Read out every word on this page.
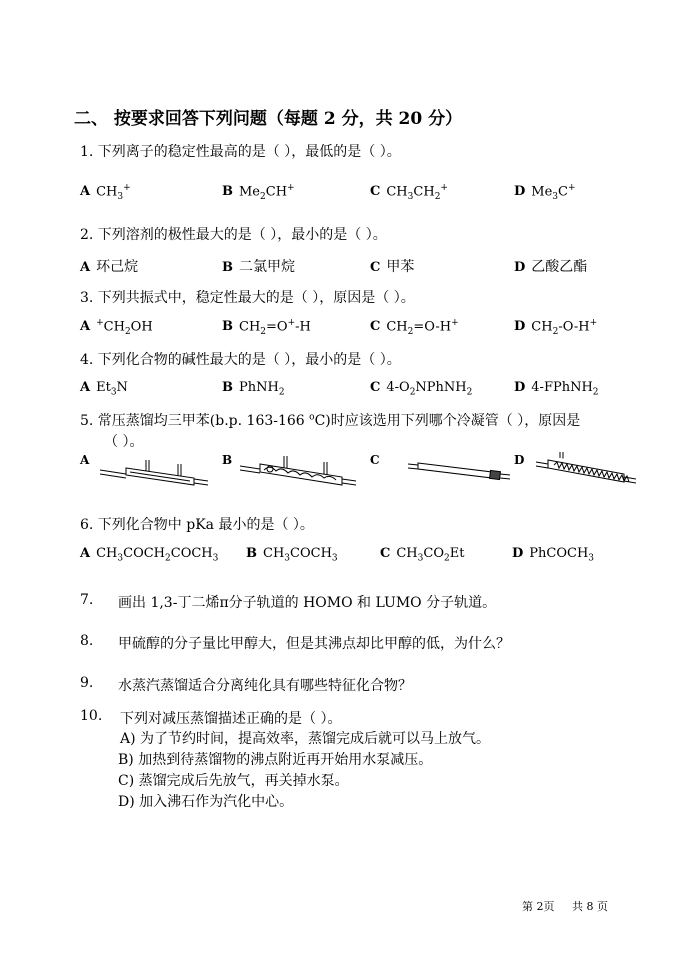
二、 按要求回答下列问题（每题 2 分，共 20 分）
1. 下列离子的稳定性最高的是（ ），最低的是（ ）。
A $CH_3^+$	B $Me_2CH^+$	C $CH_3CH_2^+$	D $Me_3C^+$
2. 下列溶剂的极性最大的是（ ），最小的是（ ）。
A 环己烷	B 二氯甲烷	C 甲苯	D 乙酸乙酯
3. 下列共振式中，稳定性最大的是（ ），原因是（ ）。
A $^+CH_2OH$	B $CH_2=O^+-H$	C $CH_2=O-H^+$	D $CH_2-O-H^+$
4. 下列化合物的碱性最大的是（ ），最小的是（ ）。
A $Et_3N$	B PhNH$_2$	C $4-O_2NPhNH_2$	D 4-FPhNH$_2$
5. 常压蒸馏均三甲苯(b.p. 163-166 $^o$C)时应该选用下列哪个冷凝管（ ），原因是
（ ）。
A	B	C	D
6. 下列化合物中 pKa 最小的是（ ）。
A $CH_3COCH_2COCH_3$ B $CH_3COCH_3$	C $CH_3CO_2Et$	D PhCOCH$_3$
7. 画出 1,3-丁二烯π分子轨道的 HOMO 和 LUMO 分子轨道。
8. 甲硫醇的分子量比甲醇大，但是其沸点却比甲醇的低，为什么？
9. 水蒸汽蒸馏适合分离纯化具有哪些特征化合物？
10. 下列对减压蒸馏描述正确的是（ ）。
A) 为了节约时间，提高效率，蒸馏完成后就可以马上放气。
B) 加热到待蒸馏物的沸点附近再开始用水泵减压。
C) 蒸馏完成后先放气，再关掉水泵。
D) 加入沸石作为汽化中心。
第 2页 共 8 页
